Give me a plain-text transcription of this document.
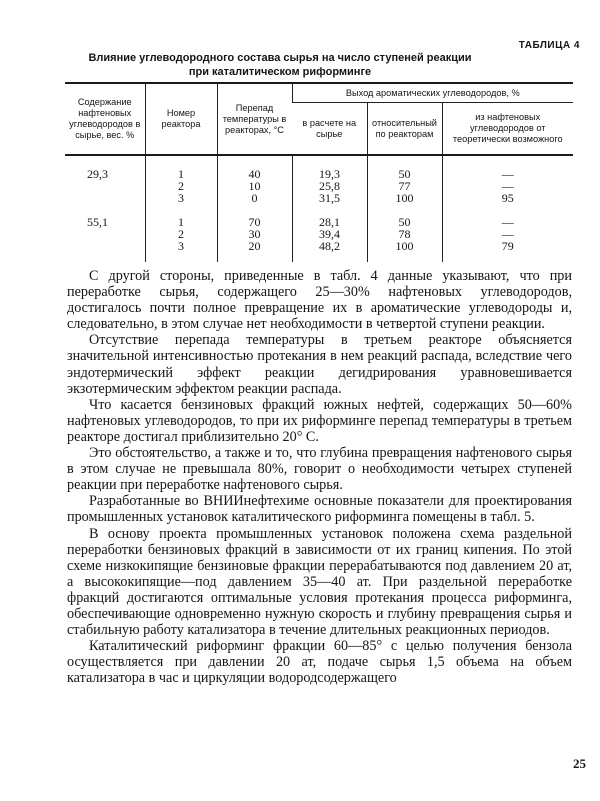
ТАБЛИЦА 4
Влияние углеводородного состава сырья на число ступеней реакции
при каталитическом риформинге
Содержание нафтеновых углеводородов в сырье, вес. %	Номер реактора	Перепад температуры в реакторах, °С	Выход ароматических углеводородов, %		
			в расчете на сырье	относительный по реакторам	из нафтеновых углеводородов от теоретически возможного
29,3	1	40	19,3	50	—
	2	10	25,8	77	—
	3	0	31,5	100	95
55,1	1	70	28,1	50	—
	2	30	39,4	78	—
	3	20	48,2	100	79

С другой стороны, приведенные в табл. 4 данные указывают, что при переработке сырья, содержащего 25—30% нафтеновых углеводородов, достигалось почти полное превращение их в ароматические углеводороды и, следовательно, в этом случае нет необходимости в четвертой ступени реакции.

Отсутствие перепада температуры в третьем реакторе объясняется значительной интенсивностью протекания в нем реакций распада, вследствие чего эндотермический эффект реакции дегидрирования уравновешивается экзотермическим эффектом реакции распада.

Что касается бензиновых фракций южных нефтей, содержащих 50—60% нафтеновых углеводородов, то при их риформинге перепад температуры в третьем реакторе достигал приблизительно 20° С.

Это обстоятельство, а также и то, что глубина превращения нафтенового сырья в этом случае не превышала 80%, говорит о необходимости четырех ступеней реакции при переработке нафтенового сырья.

Разработанные во ВНИИнефтехиме основные показатели для проектирования промышленных установок каталитического риформинга помещены в табл. 5.

В основу проекта промышленных установок положена схема раздельной переработки бензиновых фракций в зависимости от их границ кипения. По этой схеме низкокипящие бензиновые фракции перерабатываются под давлением 20 ат, а высококипящие—под давлением 35—40 ат. При раздельной переработке фракций достигаются оптимальные условия протекания процесса риформинга, обеспечивающие одновременно нужную скорость и глубину превращения сырья и стабильную работу катализатора в течение длительных реакционных периодов.

Каталитический риформинг фракции 60—85° с целью получения бензола осуществляется при давлении 20 ат, подаче сырья 1,5 объема на объем катализатора в час и циркуляции водородсодержащего

25
